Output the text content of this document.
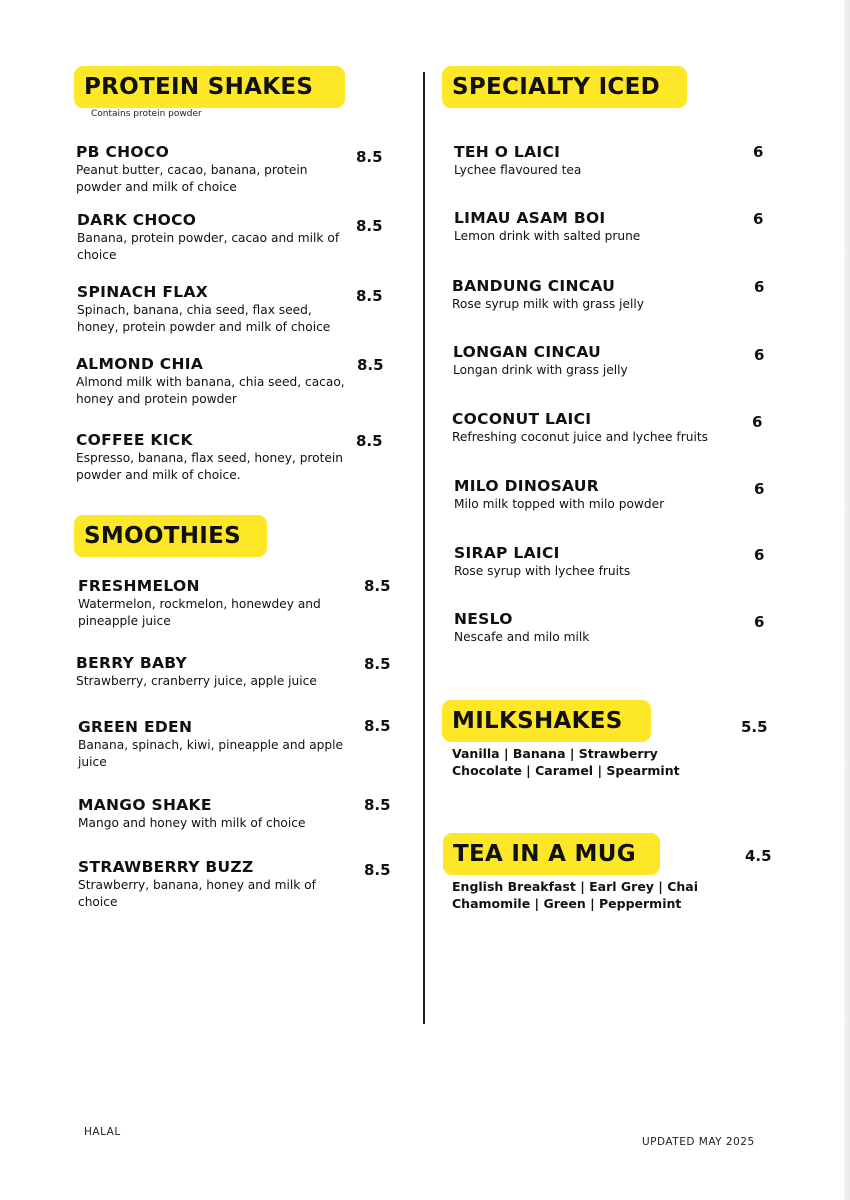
PROTEIN SHAKES
Contains protein powder
PB CHOCO
Peanut butter, cacao, banana, protein powder and milk of choice
8.5
DARK CHOCO
Banana, protein powder, cacao and milk of choice
8.5
SPINACH FLAX
Spinach, banana, chia seed, flax seed, honey, protein powder and milk of choice
8.5
ALMOND CHIA
Almond milk with banana, chia seed, cacao, honey and protein powder
8.5
COFFEE KICK
Espresso, banana, flax seed, honey, protein powder and milk of choice.
8.5
SMOOTHIES
FRESHMELON
Watermelon, rockmelon, honewdey and pineapple juice
8.5
BERRY BABY
Strawberry, cranberry juice, apple juice
8.5
GREEN EDEN
Banana, spinach, kiwi, pineapple and apple juice
8.5
MANGO SHAKE
Mango and honey with milk of choice
8.5
STRAWBERRY BUZZ
Strawberry, banana, honey and milk of choice
8.5
SPECIALTY ICED
TEH O LAICI
Lychee flavoured tea
6
LIMAU ASAM BOI
Lemon drink with salted prune
6
BANDUNG CINCAU
Rose syrup milk with grass jelly
6
LONGAN CINCAU
Longan drink with grass jelly
6
COCONUT LAICI
Refreshing coconut juice and lychee fruits
6
MILO DINOSAUR
Milo milk topped with milo powder
6
SIRAP LAICI
Rose syrup with lychee fruits
6
NESLO
Nescafe and milo milk
6
MILKSHAKES	5.5
Vanilla | Banana | Strawberry
Chocolate | Caramel | Spearmint
TEA IN A MUG	4.5
English Breakfast | Earl Grey | Chai
Chamomile | Green | Peppermint
HALAL
UPDATED MAY 2025
